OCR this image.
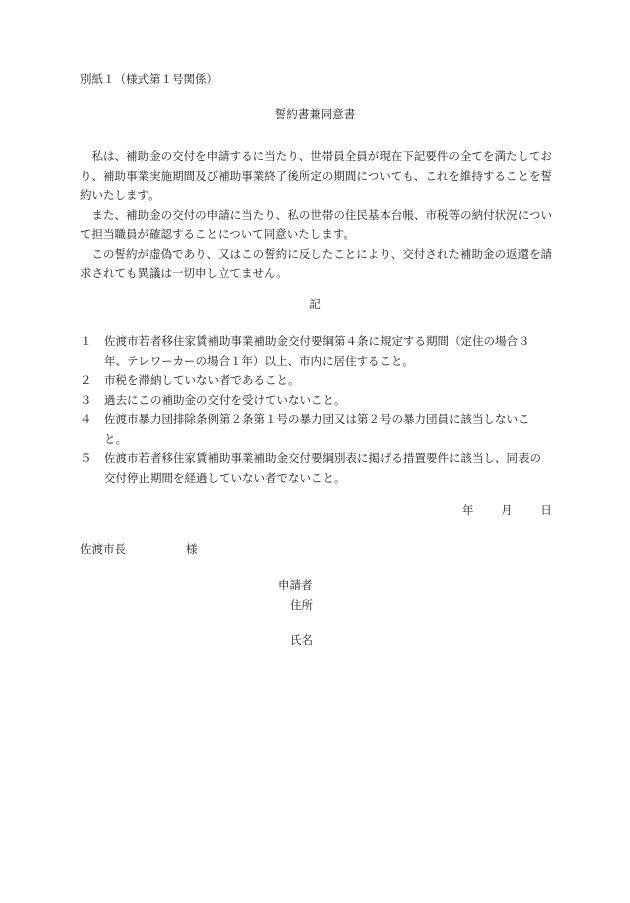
別紙１（様式第１号関係）
誓約書兼同意書

私は、補助金の交付を申請するに当たり、世帯員全員が現在下記要件の全てを満たしており、補助事業実施期間及び補助事業終了後所定の期間についても、これを維持することを誓約いたします。

また、補助金の交付の申請に当たり、私の世帯の住民基本台帳、市税等の納付状況について担当職員が確認することについて同意いたします。

この誓約が虚偽であり、又はこの誓約に反したことにより、交付された補助金の返還を請求されても異議は一切申し立てません。

記
１	佐渡市若者移住家賃補助事業補助金交付要綱第４条に規定する期間（定住の場合３年、テレワーカーの場合１年）以上、市内に居住すること。
２	市税を滞納していない者であること。
３	過去にこの補助金の交付を受けていないこと。
４	佐渡市暴力団排除条例第２条第１号の暴力団又は第２号の暴力団員に該当しないこと。
５	佐渡市若者移住家賃補助事業補助金交付要綱別表に掲げる措置要件に該当し、同表の交付停止期間を経過していない者でないこと。
年 月 日
佐渡市長	様
申請者
住所
氏名
